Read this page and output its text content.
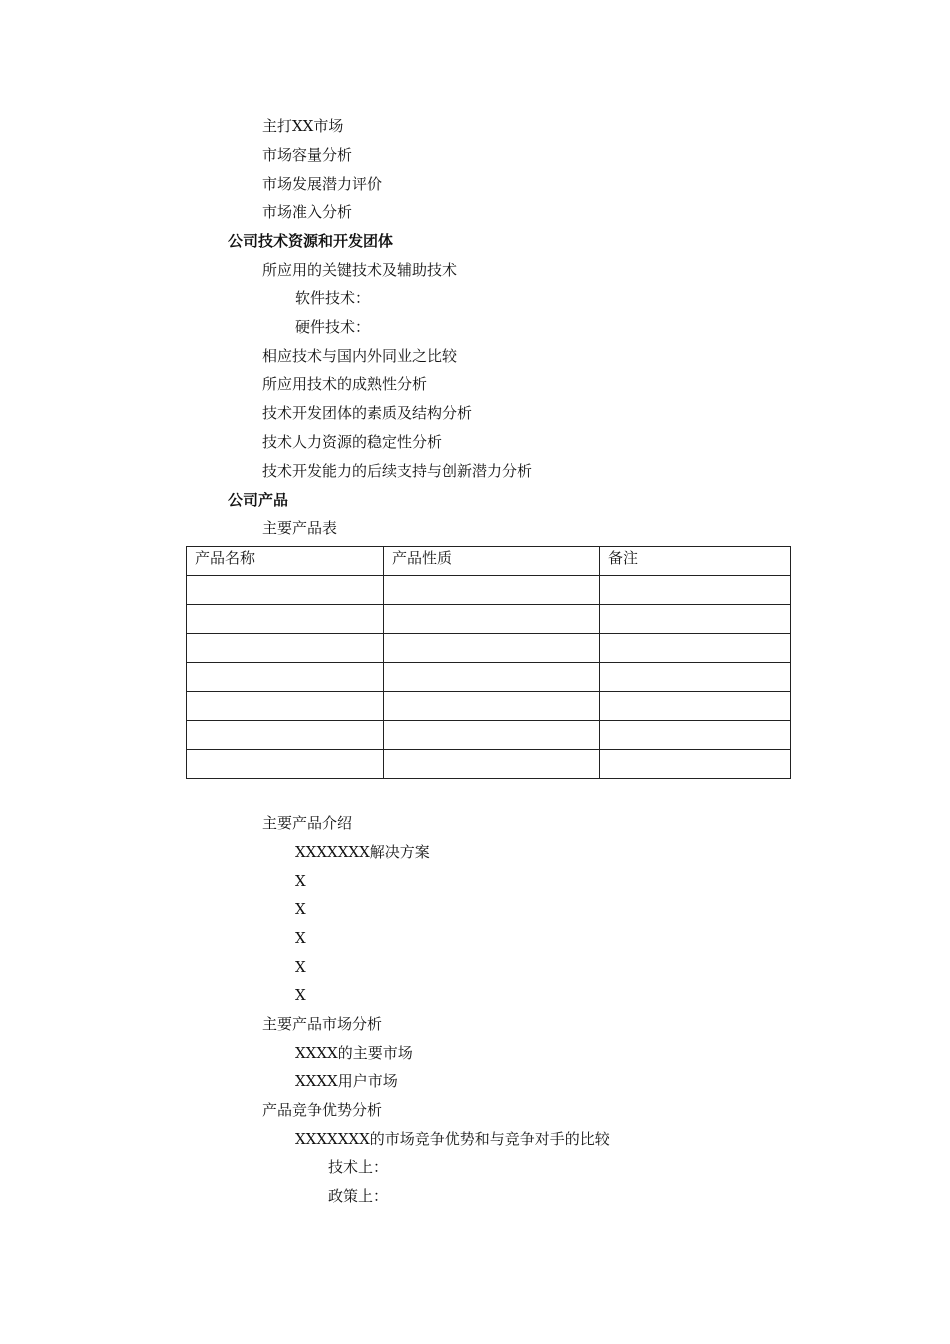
主打XX市场
市场容量分析
市场发展潜力评价
市场准入分析
公司技术资源和开发团体
所应用的关键技术及辅助技术
软件技术：
硬件技术：
相应技术与国内外同业之比较
所应用技术的成熟性分析
技术开发团体的素质及结构分析
技术人力资源的稳定性分析
技术开发能力的后续支持与创新潜力分析
公司产品
主要产品表
产品名称	产品性质	备注

主要产品介绍
XXXXXXX解决方案
X
X
X
X
X
主要产品市场分析
XXXX的主要市场
XXXX用户市场
产品竞争优势分析
XXXXXXX的市场竞争优势和与竞争对手的比较
技术上：
政策上：
